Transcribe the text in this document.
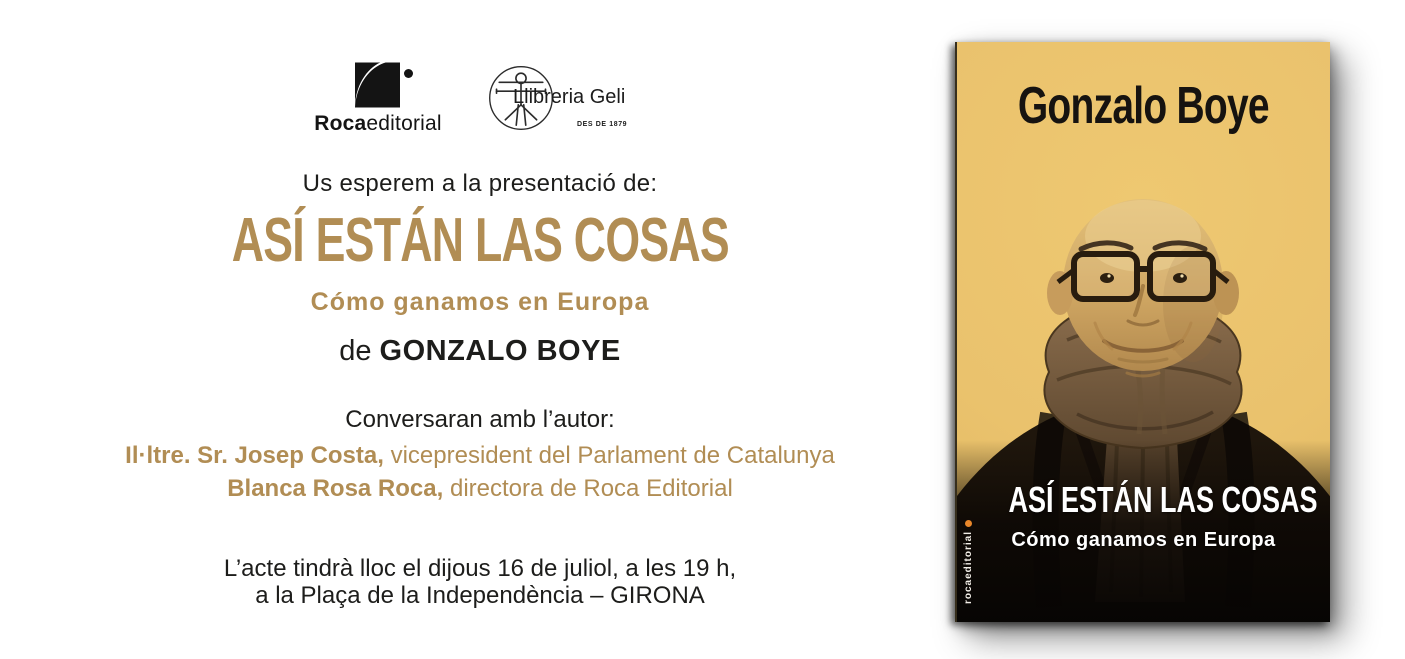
Rocaeditorial
Llibreria Geli
DES DE 1879
Us esperem a la presentació de:
ASÍ ESTÁN LAS COSAS
Cómo ganamos en Europa
de GONZALO BOYE
Conversaran amb l’autor:
Il·ltre. Sr. Josep Costa, vicepresident del Parlament de Catalunya
Blanca Rosa Roca, directora de Roca Editorial
L’acte tindrà lloc el dijous 16 de juliol, a les 19 h,
a la Plaça de la Independència – GIRONA
Gonzalo Boye
ASÍ ESTÁN LAS COSAS
Cómo ganamos en Europa
rocaeditorial
